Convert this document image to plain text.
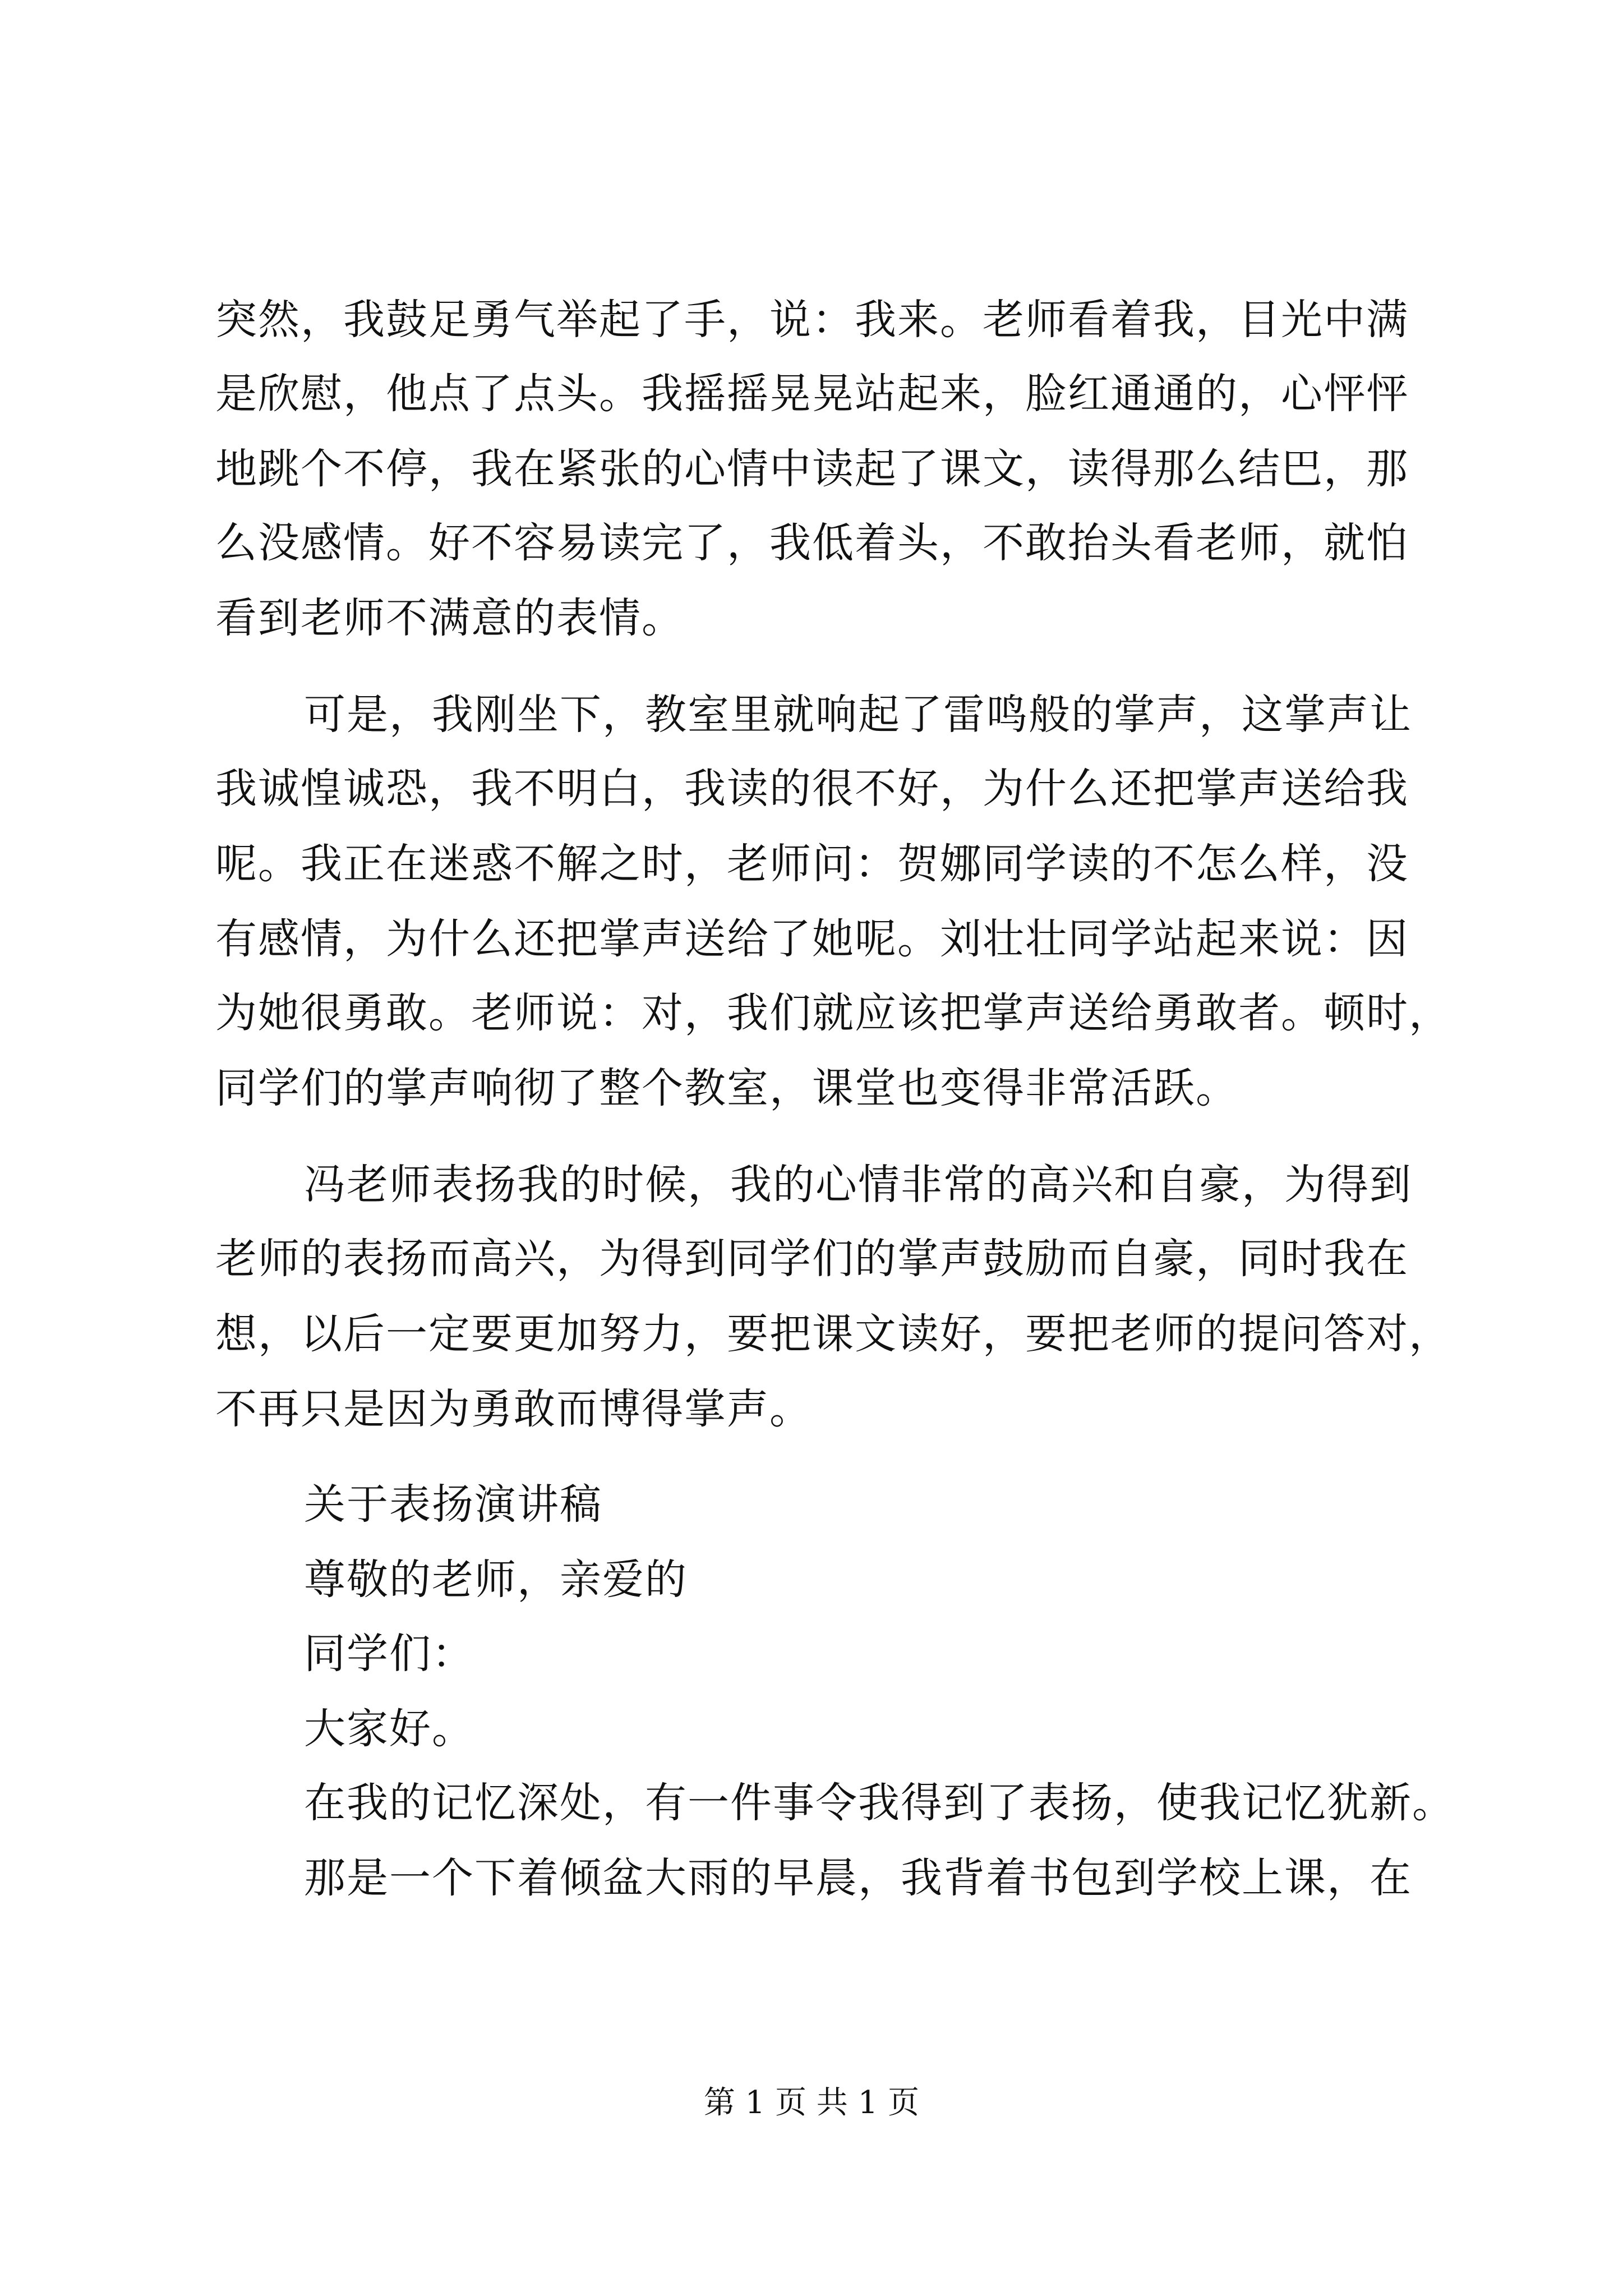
突然，我鼓足勇气举起了手，说：我来。老师看着我，目光中满
是欣慰，他点了点头。我摇摇晃晃站起来，脸红通通的，心怦怦
地跳个不停，我在紧张的心情中读起了课文，读得那么结巴，那
么没感情。好不容易读完了，我低着头，不敢抬头看老师，就怕
看到老师不满意的表情。
可是，我刚坐下，教室里就响起了雷鸣般的掌声，这掌声让
我诚惶诚恐，我不明白，我读的很不好，为什么还把掌声送给我
呢。我正在迷惑不解之时，老师问：贺娜同学读的不怎么样，没
有感情，为什么还把掌声送给了她呢。刘壮壮同学站起来说：因
为她很勇敢。老师说：对，我们就应该把掌声送给勇敢者。顿时，
同学们的掌声响彻了整个教室，课堂也变得非常活跃。
冯老师表扬我的时候，我的心情非常的高兴和自豪，为得到
老师的表扬而高兴，为得到同学们的掌声鼓励而自豪，同时我在
想，以后一定要更加努力，要把课文读好，要把老师的提问答对，
不再只是因为勇敢而博得掌声。
关于表扬演讲稿
尊敬的老师，亲爱的
同学们：
大家好。
在我的记忆深处，有一件事令我得到了表扬，使我记忆犹新。
那是一个下着倾盆大雨的早晨，我背着书包到学校上课，在
第 1 页 共 1 页
